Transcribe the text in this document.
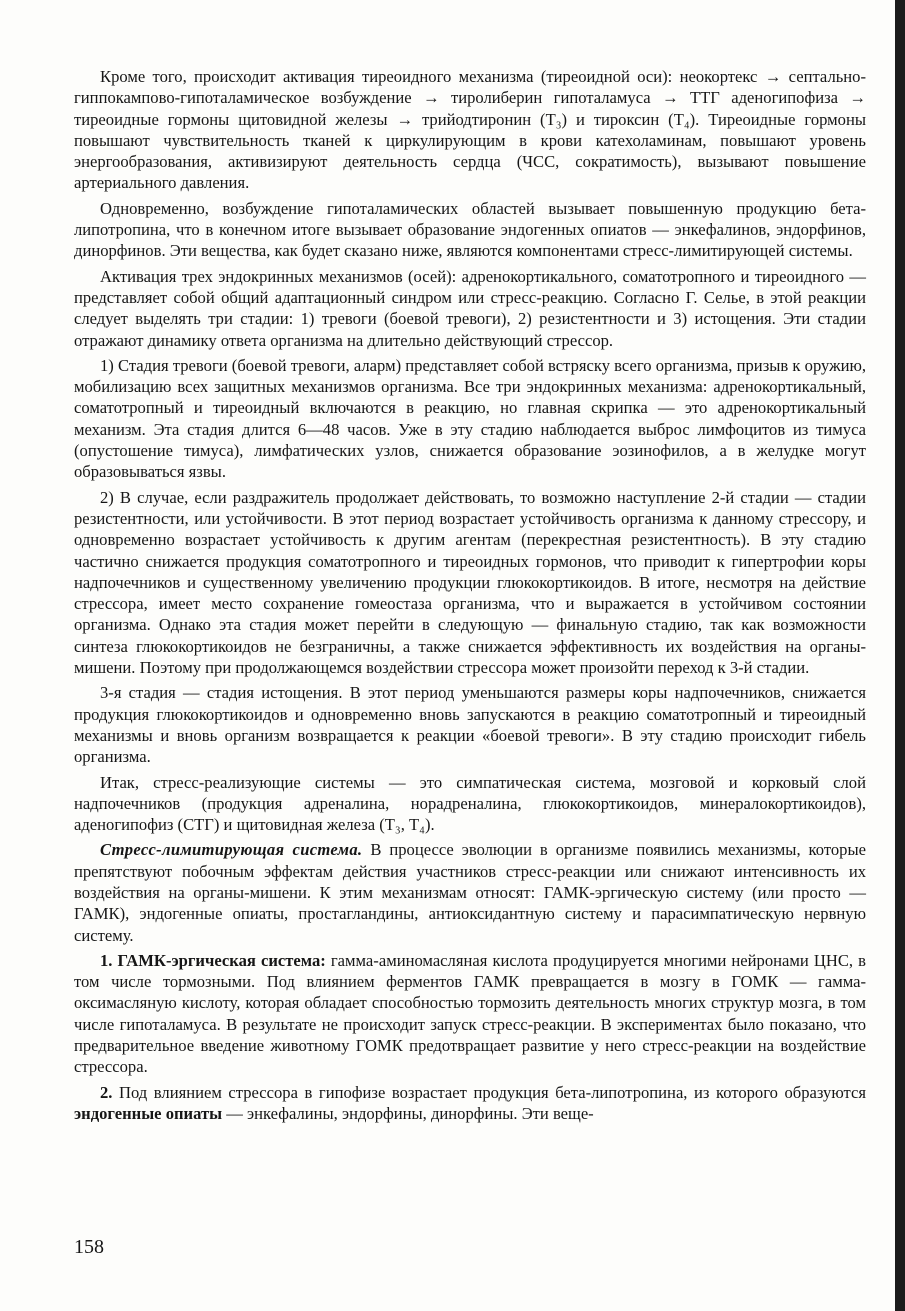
Кроме того, происходит активация тиреоидного механизма (тиреоидной оси): неокортекс → септально-гиппокампово-гипоталамическое возбуждение → тиролиберин гипоталамуса → ТТГ аденогипофиза → тиреоидные гормоны щитовидной железы → трийодтиронин (Т₃) и тироксин (Т₄). Тиреоидные гормоны повышают чувствительность тканей к циркулирующим в крови катехоламинам, повышают уровень энергообразования, активизируют деятельность сердца (ЧСС, сократимость), вызывают повышение артериального давления.

Одновременно, возбуждение гипоталамических областей вызывает повышенную продукцию бета-липотропина, что в конечном итоге вызывает образование эндогенных опиатов — энкефалинов, эндорфинов, динорфинов. Эти вещества, как будет сказано ниже, являются компонентами стресс-лимитирующей системы.

Активация трех эндокринных механизмов (осей): адренокортикального, соматотропного и тиреоидного — представляет собой общий адаптационный синдром или стресс-реакцию. Согласно Г. Селье, в этой реакции следует выделять три стадии: 1) тревоги (боевой тревоги), 2) резистентности и 3) истощения. Эти стадии отражают динамику ответа организма на длительно действующий стрессор.

1) Стадия тревоги (боевой тревоги, аларм) представляет собой встряску всего организма, призыв к оружию, мобилизацию всех защитных механизмов организма. Все три эндокринных механизма: адренокортикальный, соматотропный и тиреоидный включаются в реакцию, но главная скрипка — это адренокортикальный механизм. Эта стадия длится 6—48 часов. Уже в эту стадию наблюдается выброс лимфоцитов из тимуса (опустошение тимуса), лимфатических узлов, снижается образование эозинофилов, а в желудке могут образовываться язвы.

2) В случае, если раздражитель продолжает действовать, то возможно наступление 2-й стадии — стадии резистентности, или устойчивости. В этот период возрастает устойчивость организма к данному стрессору, и одновременно возрастает устойчивость к другим агентам (перекрестная резистентность). В эту стадию частично снижается продукция соматотропного и тиреоидных гормонов, что приводит к гипертрофии коры надпочечников и существенному увеличению продукции глюкокортикоидов. В итоге, несмотря на действие стрессора, имеет место сохранение гомеостаза организма, что и выражается в устойчивом состоянии организма. Однако эта стадия может перейти в следующую — финальную стадию, так как возможности синтеза глюкокортикоидов не безграничны, а также снижается эффективность их воздействия на органы-мишени. Поэтому при продолжающемся воздействии стрессора может произойти переход к 3-й стадии.

3-я стадия — стадия истощения. В этот период уменьшаются размеры коры надпочечников, снижается продукция глюкокортикоидов и одновременно вновь запускаются в реакцию соматотропный и тиреоидный механизмы и вновь организм возвращается к реакции «боевой тревоги». В эту стадию происходит гибель организма.

Итак, стресс-реализующие системы — это симпатическая система, мозговой и корковый слой надпочечников (продукция адреналина, норадреналина, глюкокортикоидов, минералокортикоидов), аденогипофиз (СТГ) и щитовидная железа (Т₃, Т₄).

Стресс-лимитирующая система. В процессе эволюции в организме появились механизмы, которые препятствуют побочным эффектам действия участников стресс-реакции или снижают интенсивность их воздействия на органы-мишени. К этим механизмам относят: ГАМК-эргическую систему (или просто — ГАМК), эндогенные опиаты, простагландины, антиоксидантную систему и парасимпатическую нервную систему.

1. ГАМК-эргическая система: гамма-аминомасляная кислота продуцируется многими нейронами ЦНС, в том числе тормозными. Под влиянием ферментов ГАМК превращается в мозгу в ГОМК — гамма-оксимасляную кислоту, которая обладает способностью тормозить деятельность многих структур мозга, в том числе гипоталамуса. В результате не происходит запуск стресс-реакции. В экспериментах было показано, что предварительное введение животному ГОМК предотвращает развитие у него стресс-реакции на воздействие стрессора.

2. Под влиянием стрессора в гипофизе возрастает продукция бета-липотропина, из которого образуются эндогенные опиаты — энкефалины, эндорфины, динорфины. Эти веще-

158
